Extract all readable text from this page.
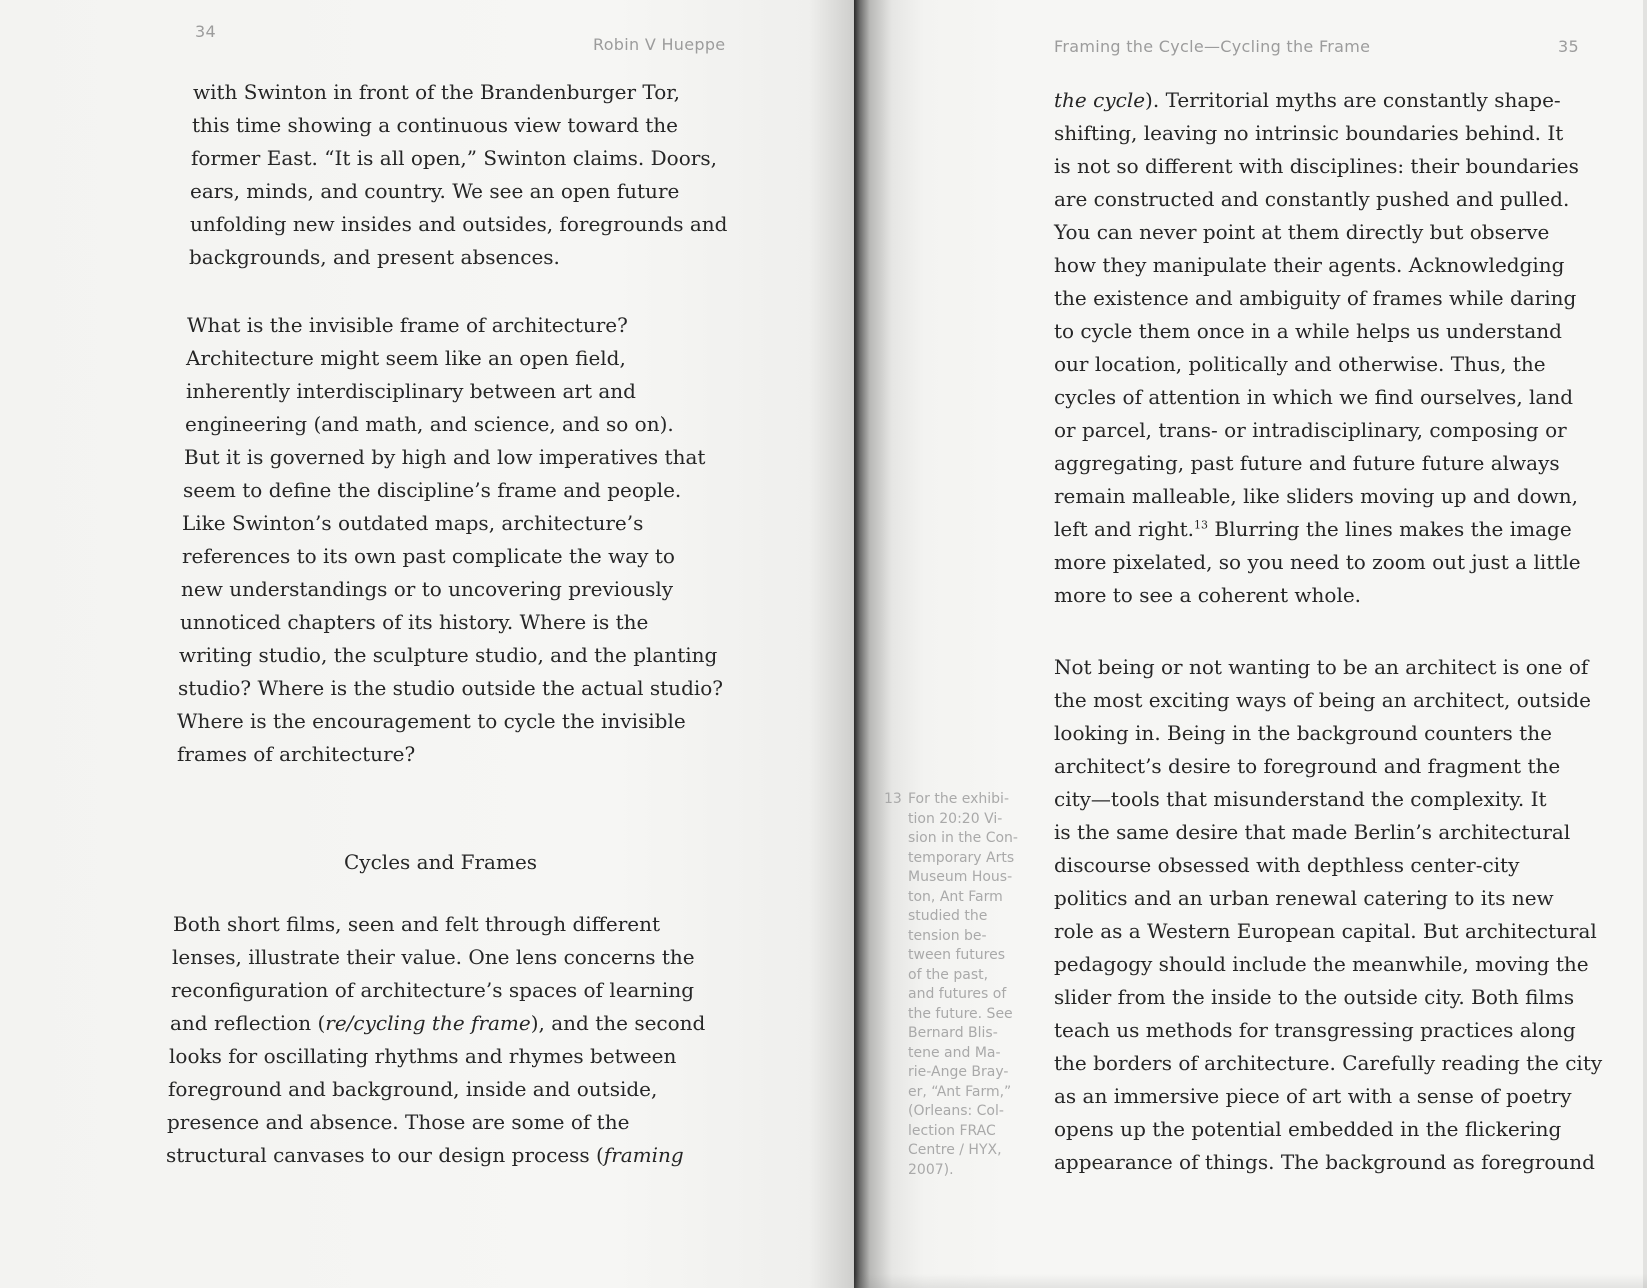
34
Robin V Hueppe
with Swinton in front of the Brandenburger Tor,
this time showing a continuous view toward the
former East. “It is all open,” Swinton claims. Doors,
ears, minds, and country. We see an open future
unfolding new insides and outsides, foregrounds and
backgrounds, and present absences.
What is the invisible frame of architecture?
Architecture might seem like an open field,
inherently interdisciplinary between art and
engineering (and math, and science, and so on).
But it is governed by high and low imperatives that
seem to define the discipline’s frame and people.
Like Swinton’s outdated maps, architecture’s
references to its own past complicate the way to
new understandings or to uncovering previously
unnoticed chapters of its history. Where is the
writing studio, the sculpture studio, and the planting
studio? Where is the studio outside the actual studio?
Where is the encouragement to cycle the invisible
frames of architecture?
Cycles and Frames
Both short films, seen and felt through different
lenses, illustrate their value. One lens concerns the
reconfiguration of architecture’s spaces of learning
and reflection (re/cycling the frame), and the second
looks for oscillating rhythms and rhymes between
foreground and background, inside and outside,
presence and absence. Those are some of the
structural canvases to our design process (framing
Framing the Cycle—Cycling the Frame	35
the cycle). Territorial myths are constantly shape-
shifting, leaving no intrinsic boundaries behind. It
is not so different with disciplines: their boundaries
are constructed and constantly pushed and pulled.
You can never point at them directly but observe
how they manipulate their agents. Acknowledging
the existence and ambiguity of frames while daring
to cycle them once in a while helps us understand
our location, politically and otherwise. Thus, the
cycles of attention in which we find ourselves, land
or parcel, trans- or intradisciplinary, composing or
aggregating, past future and future future always
remain malleable, like sliders moving up and down,
left and right.$^{13}$ Blurring the lines makes the image
more pixelated, so you need to zoom out just a little
more to see a coherent whole.
Not being or not wanting to be an architect is one of
the most exciting ways of being an architect, outside
looking in. Being in the background counters the
architect’s desire to foreground and fragment the
city—tools that misunderstand the complexity. It
is the same desire that made Berlin’s architectural
discourse obsessed with depthless center-city
politics and an urban renewal catering to its new
role as a Western European capital. But architectural
pedagogy should include the meanwhile, moving the
slider from the inside to the outside city. Both films
teach us methods for transgressing practices along
the borders of architecture. Carefully reading the city
as an immersive piece of art with a sense of poetry
opens up the potential embedded in the flickering
appearance of things. The background as foreground
13 For the exhibi-
tion 20:20 Vi-
sion in the Con-
temporary Arts
Museum Hous-
ton, Ant Farm
studied the
tension be-
tween futures
of the past,
and futures of
the future. See
Bernard Blis-
tene and Ma-
rie-Ange Bray-
er, “Ant Farm,”
(Orleans: Col-
lection FRAC
Centre / HYX,
2007).
